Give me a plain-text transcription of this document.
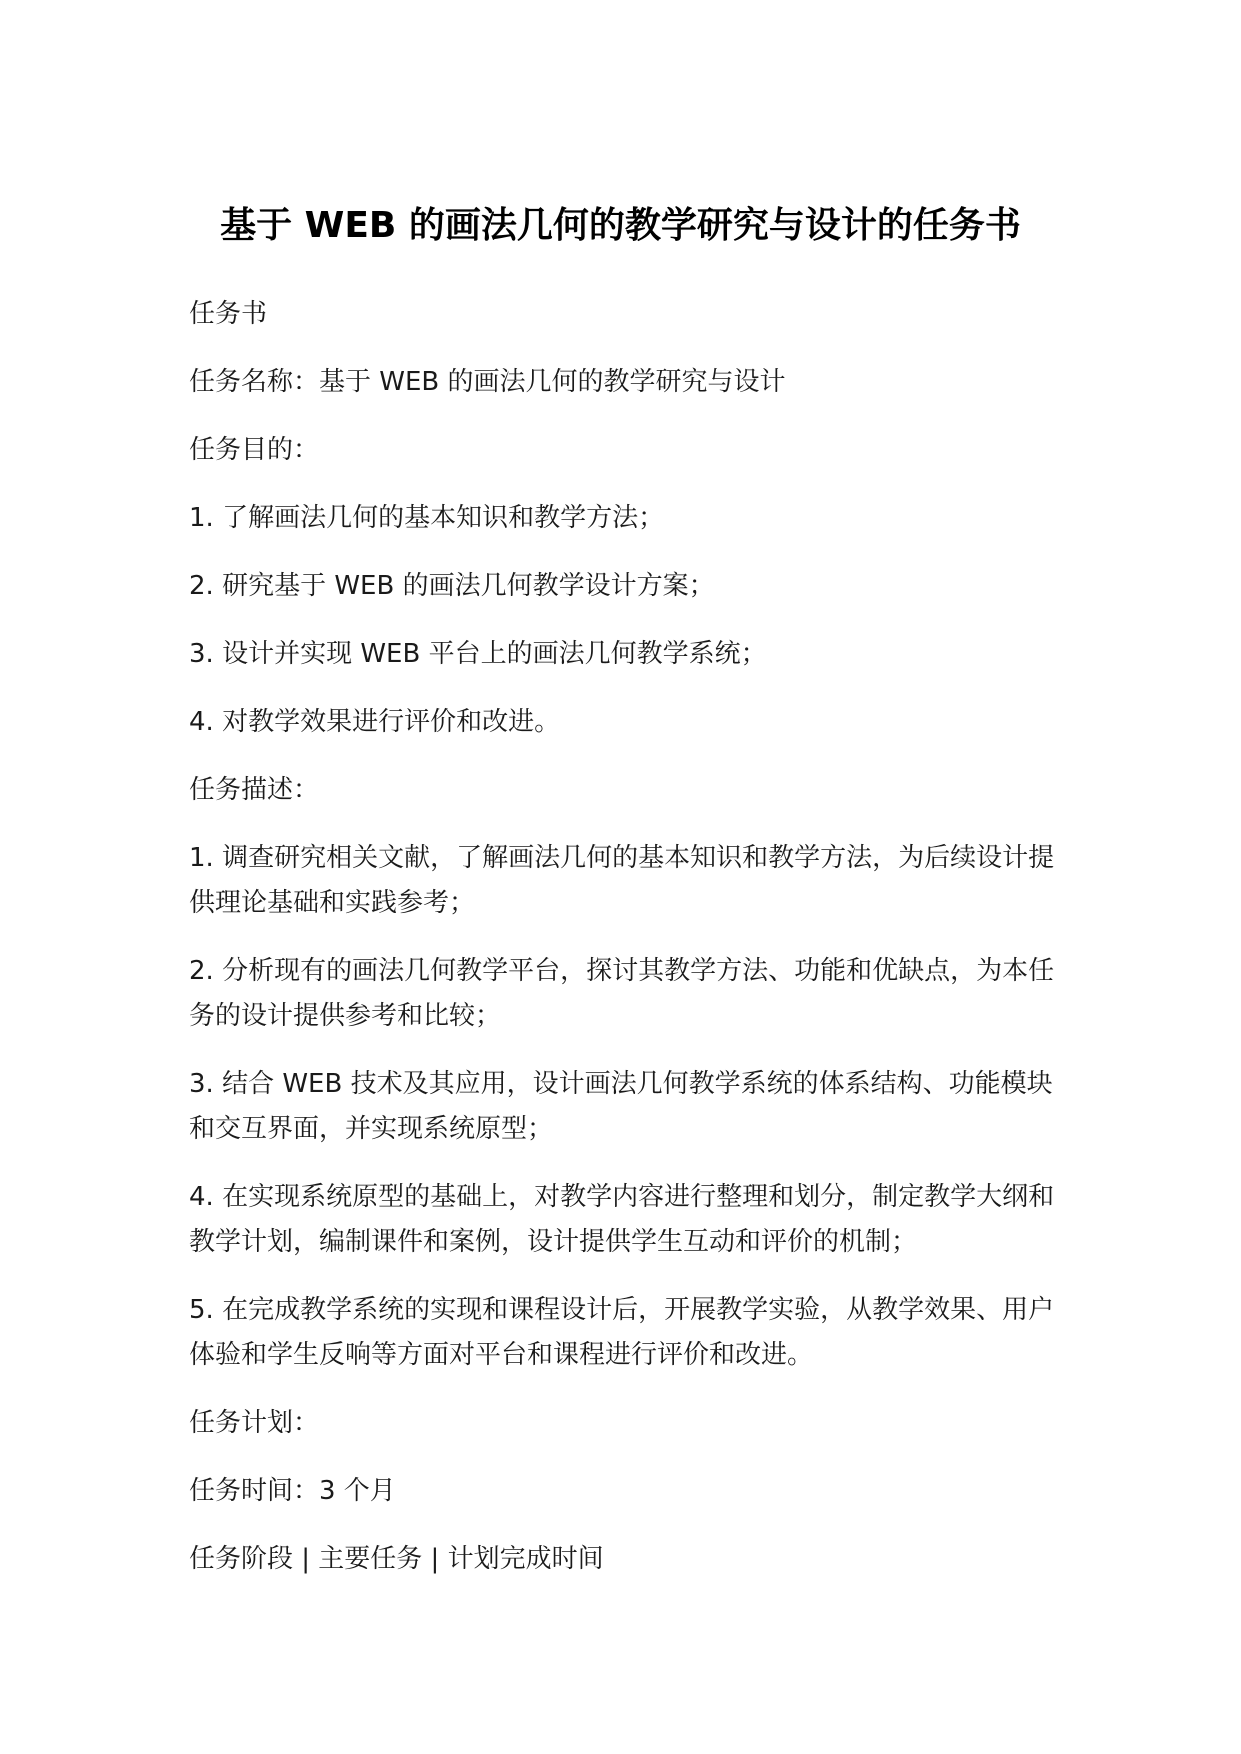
基于 WEB 的画法几何的教学研究与设计的任务书

任务书

任务名称：基于 WEB 的画法几何的教学研究与设计

任务目的：

1. 了解画法几何的基本知识和教学方法；

2. 研究基于 WEB 的画法几何教学设计方案；

3. 设计并实现 WEB 平台上的画法几何教学系统；

4. 对教学效果进行评价和改进。

任务描述：

1. 调查研究相关文献，了解画法几何的基本知识和教学方法，为后续设计提供理论基础和实践参考；

2. 分析现有的画法几何教学平台，探讨其教学方法、功能和优缺点，为本任务的设计提供参考和比较；

3. 结合 WEB 技术及其应用，设计画法几何教学系统的体系结构、功能模块和交互界面，并实现系统原型；

4. 在实现系统原型的基础上，对教学内容进行整理和划分，制定教学大纲和教学计划，编制课件和案例，设计提供学生互动和评价的机制；

5. 在完成教学系统的实现和课程设计后，开展教学实验，从教学效果、用户体验和学生反响等方面对平台和课程进行评价和改进。

任务计划：

任务时间：3 个月

任务阶段 | 主要任务 | 计划完成时间
